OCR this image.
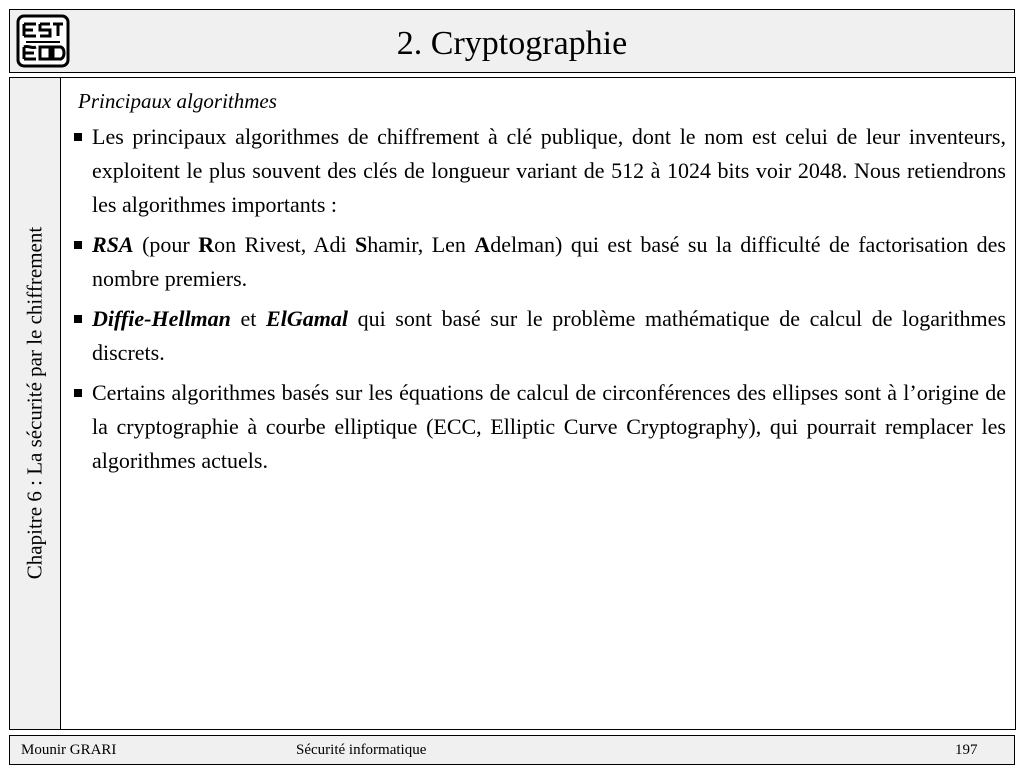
2. Cryptographie
Chapitre 6 : La sécurité par le chiffrement
Principaux algorithmes
Les principaux algorithmes de chiffrement à clé publique, dont le nom est celui de leur inventeurs, exploitent le plus souvent des clés de longueur variant de 512 à 1024 bits voir 2048. Nous retiendrons les algorithmes importants :
RSA (pour Ron Rivest, Adi Shamir, Len Adelman) qui est basé su la difficulté de factorisation des nombre premiers.
Diffie-Hellman et ElGamal qui sont basé sur le problème mathématique de calcul de logarithmes discrets.
Certains algorithmes basés sur les équations de calcul de circonférences des ellipses sont à l’origine de la cryptographie à courbe elliptique (ECC, Elliptic Curve Cryptography), qui pourrait remplacer les algorithmes actuels.
Mounir GRARI	Sécurité informatique	197
